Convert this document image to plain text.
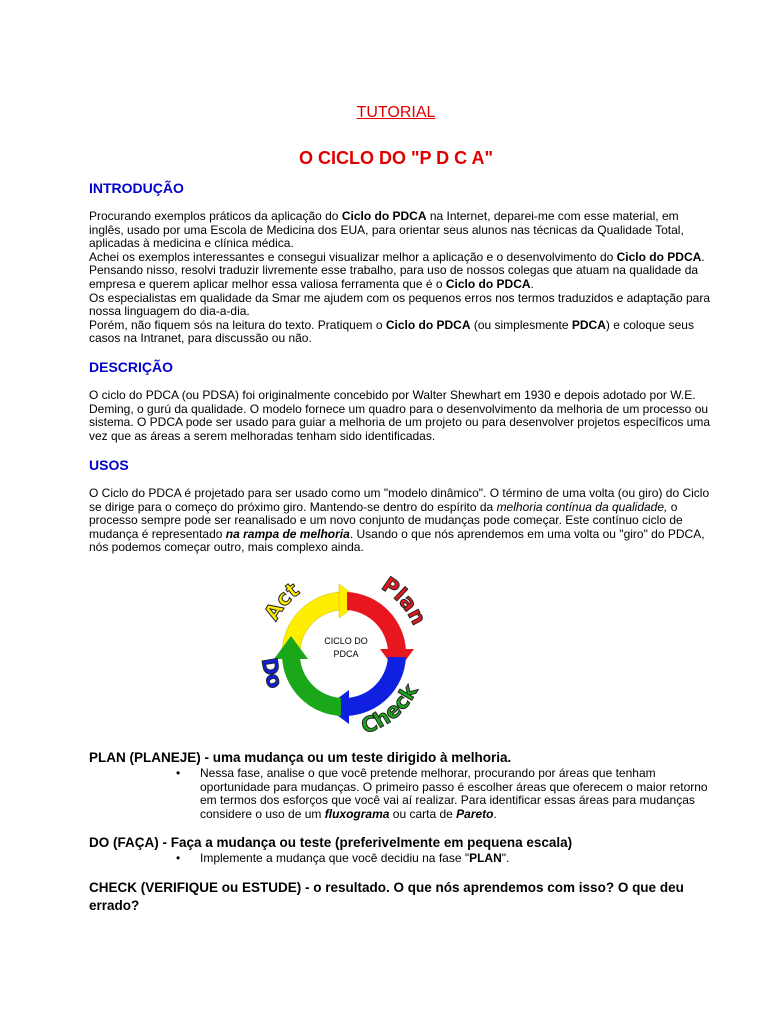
TUTORIAL
O CICLO DO "P D C A"
INTRODUÇÃO

Procurando exemplos práticos da aplicação do Ciclo do PDCA na Internet, deparei-me com esse material, em inglês, usado por uma Escola de Medicina dos EUA, para orientar seus alunos nas técnicas da Qualidade Total, aplicadas à medicina e clínica médica.
Achei os exemplos interessantes e consegui visualizar melhor a aplicação e o desenvolvimento do Ciclo do PDCA. Pensando nisso, resolvi traduzir livremente esse trabalho, para uso de nossos colegas que atuam na qualidade da empresa e querem aplicar melhor essa valiosa ferramenta que é o Ciclo do PDCA.
Os especialistas em qualidade da Smar me ajudem com os pequenos erros nos termos traduzidos e adaptação para nossa linguagem do dia-a-dia.
Porém, não fiquem sós na leitura do texto. Pratiquem o Ciclo do PDCA (ou simplesmente PDCA) e coloque seus casos na Intranet, para discussão ou não.

DESCRIÇÃO

O ciclo do PDCA (ou PDSA) foi originalmente concebido por Walter Shewhart em 1930 e depois adotado por W.E. Deming, o gurú da qualidade. O modelo fornece um quadro para o desenvolvimento da melhoria de um processo ou sistema. O PDCA pode ser usado para guiar a melhoria de um projeto ou para desenvolver projetos específicos uma vez que as áreas a serem melhoradas tenham sido identificadas.

USOS

O Ciclo do PDCA é projetado para ser usado como um "modelo dinâmico". O término de uma volta (ou giro) do Ciclo se dirige para o começo do próximo giro. Mantendo-se dentro do espírito da melhoria contínua da qualidade, o processo sempre pode ser reanalisado e um novo conjunto de mudanças pode começar. Este contínuo ciclo de mudança é representado na rampa de melhoria. Usando o que nós aprendemos em uma volta ou "giro" do PDCA, nós podemos começar outro, mais complexo ainda.

CICLO DO
PDCA
Act	Plan
Do
Check
PLAN (PLANEJE) - uma mudança ou um teste dirigido à melhoria.
• Nessa fase, analise o que você pretende melhorar, procurando por áreas que tenham oportunidade para mudanças. O primeiro passo é escolher áreas que oferecem o maior retorno em termos dos esforços que você vai aí realizar. Para identificar essas áreas para mudanças considere o uso de um fluxograma ou carta de Pareto.
DO (FAÇA) - Faça a mudança ou teste (preferivelmente em pequena escala)
• Implemente a mudança que você decidiu na fase "PLAN".
CHECK (VERIFIQUE ou ESTUDE) - o resultado. O que nós aprendemos com isso? O que deu errado?
